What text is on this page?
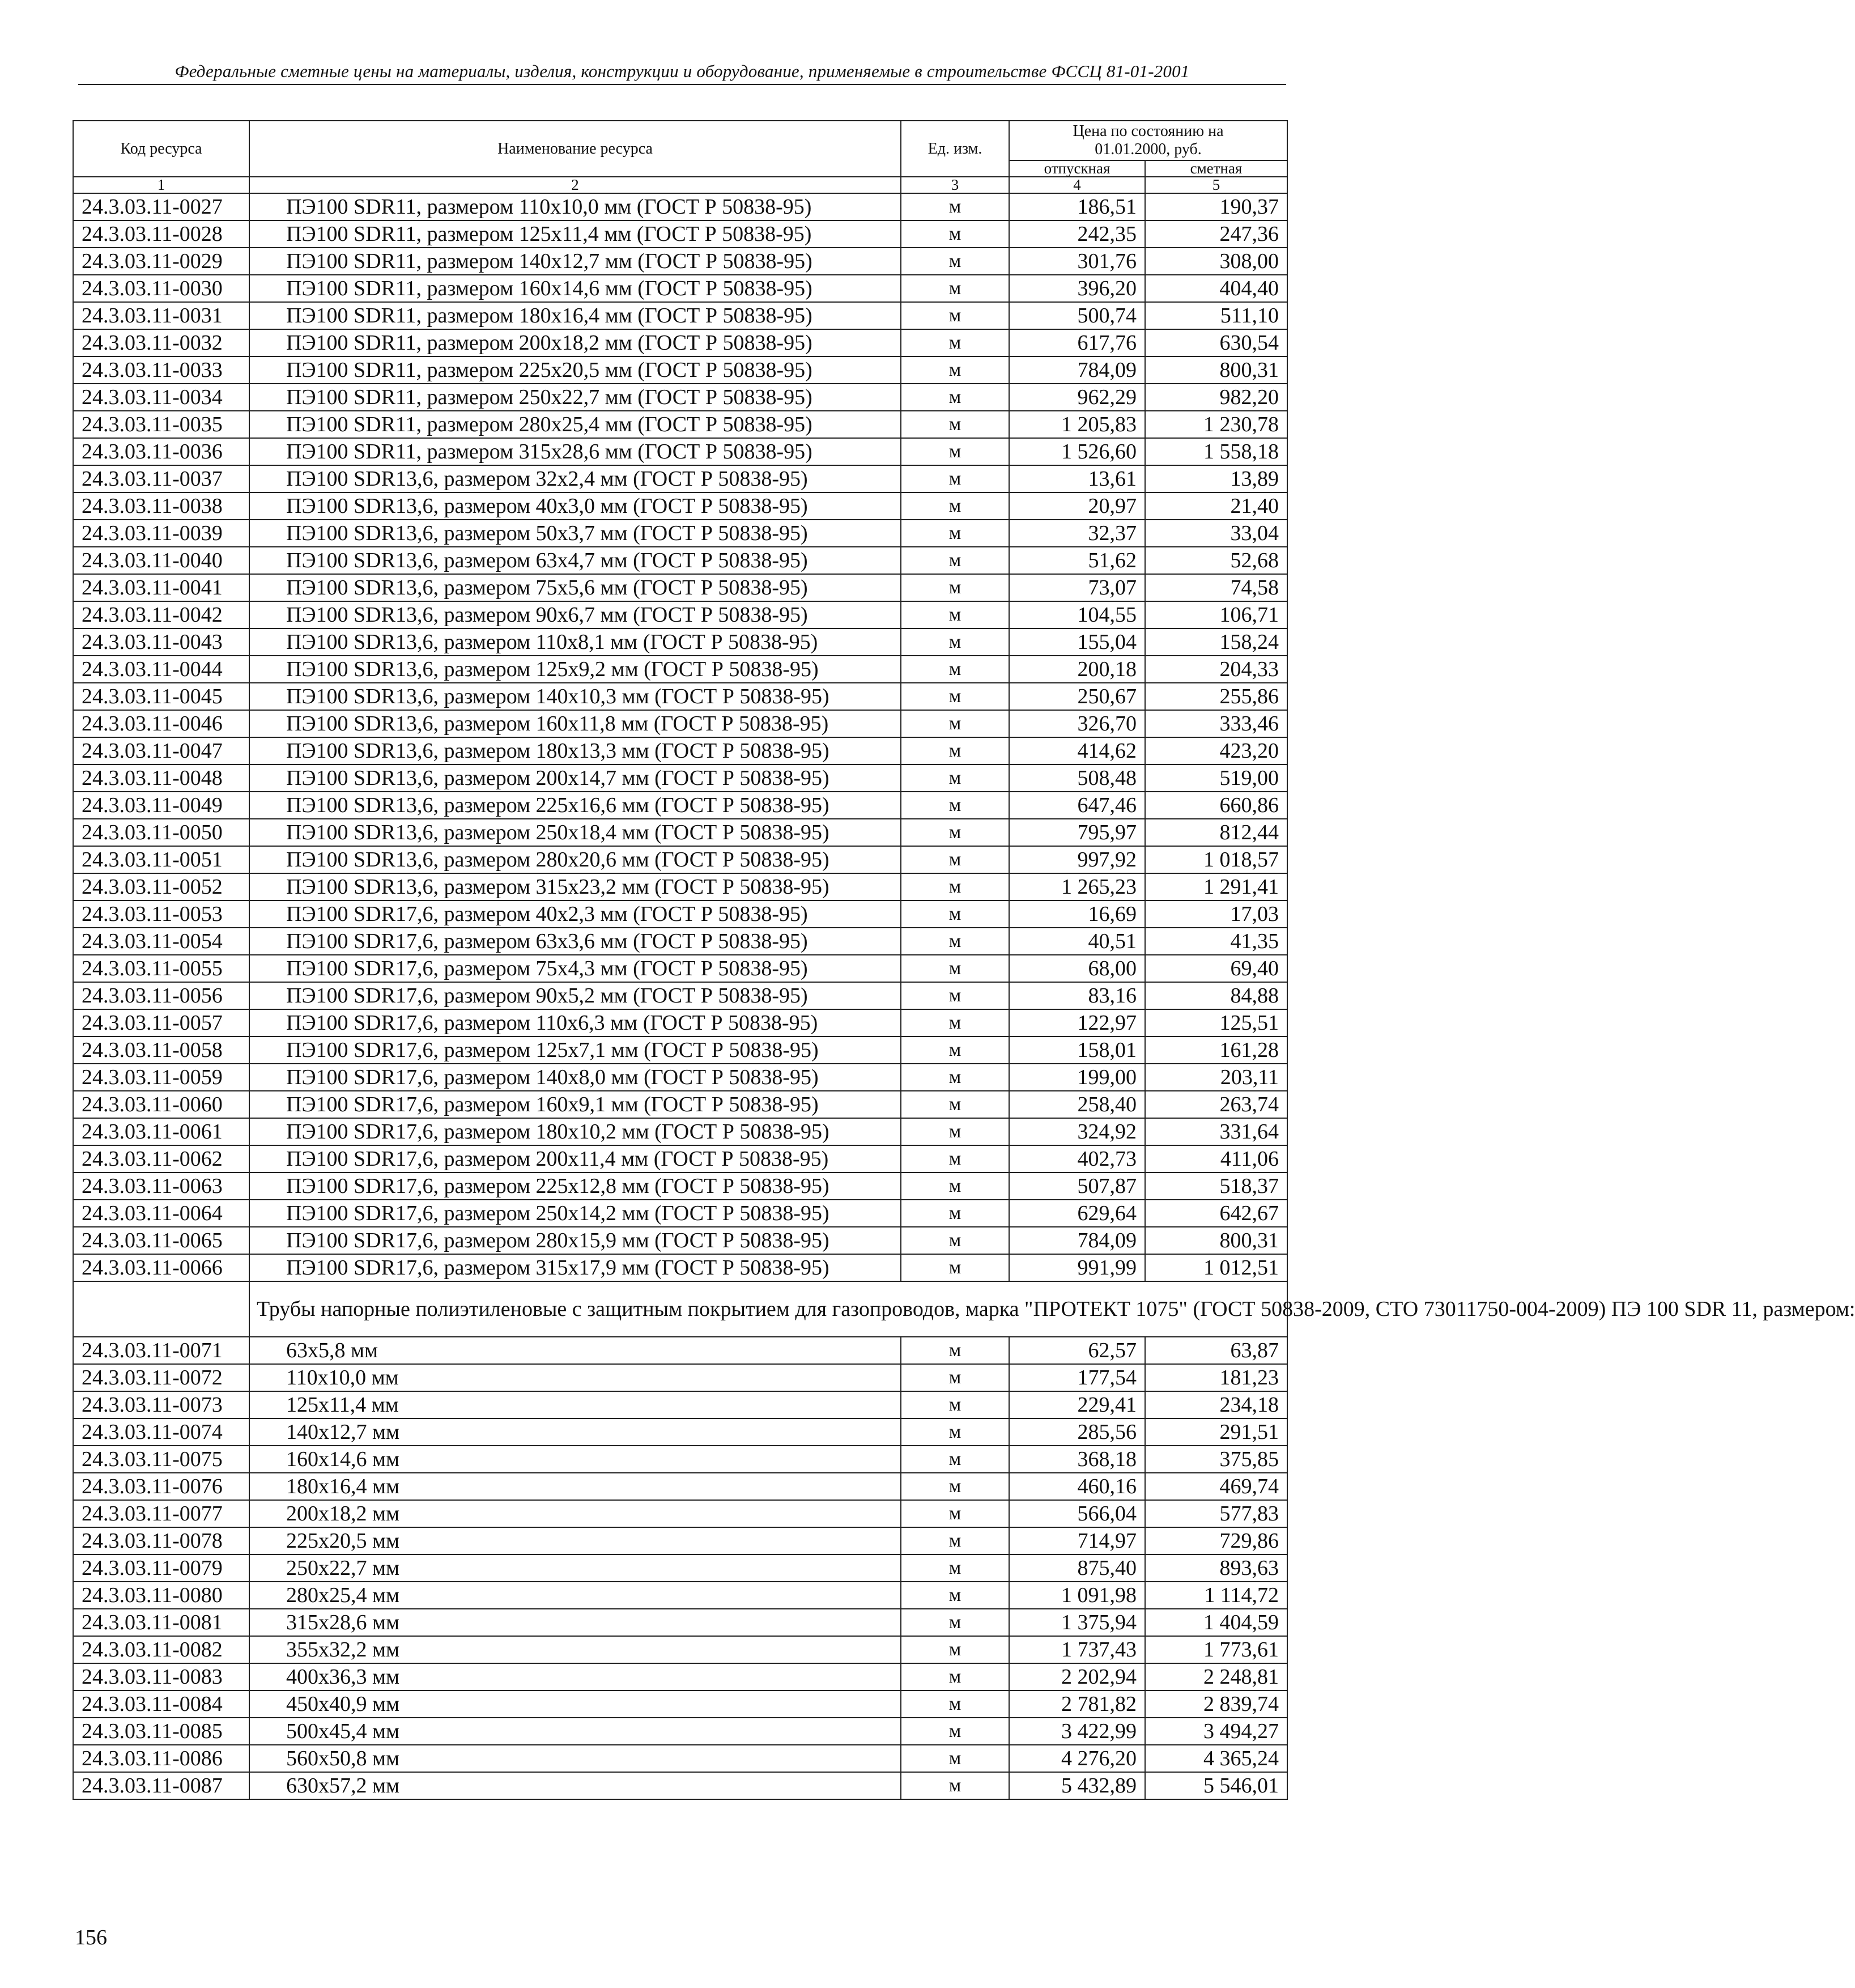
Федеральные сметные цены на материалы, изделия, конструкции и оборудование, применяемые в строительстве ФССЦ 81-01-2001
Код ресурса	Наименование ресурса	Ед. изм.	Цена по состоянию на 01.01.2000, руб.	
			отпускная	сметная
1	2	3	4	5
24.3.03.11-0027	ПЭ100 SDR11, размером 110х10,0 мм (ГОСТ Р 50838-95)	м	186,51	190,37
24.3.03.11-0028	ПЭ100 SDR11, размером 125х11,4 мм (ГОСТ Р 50838-95)	м	242,35	247,36
24.3.03.11-0029	ПЭ100 SDR11, размером 140х12,7 мм (ГОСТ Р 50838-95)	м	301,76	308,00
24.3.03.11-0030	ПЭ100 SDR11, размером 160х14,6 мм (ГОСТ Р 50838-95)	м	396,20	404,40
24.3.03.11-0031	ПЭ100 SDR11, размером 180х16,4 мм (ГОСТ Р 50838-95)	м	500,74	511,10
24.3.03.11-0032	ПЭ100 SDR11, размером 200х18,2 мм (ГОСТ Р 50838-95)	м	617,76	630,54
24.3.03.11-0033	ПЭ100 SDR11, размером 225х20,5 мм (ГОСТ Р 50838-95)	м	784,09	800,31
24.3.03.11-0034	ПЭ100 SDR11, размером 250х22,7 мм (ГОСТ Р 50838-95)	м	962,29	982,20
24.3.03.11-0035	ПЭ100 SDR11, размером 280х25,4 мм (ГОСТ Р 50838-95)	м	1 205,83	1 230,78
24.3.03.11-0036	ПЭ100 SDR11, размером 315х28,6 мм (ГОСТ Р 50838-95)	м	1 526,60	1 558,18
24.3.03.11-0037	ПЭ100 SDR13,6, размером 32х2,4 мм (ГОСТ Р 50838-95)	м	13,61	13,89
24.3.03.11-0038	ПЭ100 SDR13,6, размером 40х3,0 мм (ГОСТ Р 50838-95)	м	20,97	21,40
24.3.03.11-0039	ПЭ100 SDR13,6, размером 50х3,7 мм (ГОСТ Р 50838-95)	м	32,37	33,04
24.3.03.11-0040	ПЭ100 SDR13,6, размером 63х4,7 мм (ГОСТ Р 50838-95)	м	51,62	52,68
24.3.03.11-0041	ПЭ100 SDR13,6, размером 75х5,6 мм (ГОСТ Р 50838-95)	м	73,07	74,58
24.3.03.11-0042	ПЭ100 SDR13,6, размером 90х6,7 мм (ГОСТ Р 50838-95)	м	104,55	106,71
24.3.03.11-0043	ПЭ100 SDR13,6, размером 110х8,1 мм (ГОСТ Р 50838-95)	м	155,04	158,24
24.3.03.11-0044	ПЭ100 SDR13,6, размером 125х9,2 мм (ГОСТ Р 50838-95)	м	200,18	204,33
24.3.03.11-0045	ПЭ100 SDR13,6, размером 140х10,3 мм (ГОСТ Р 50838-95)	м	250,67	255,86
24.3.03.11-0046	ПЭ100 SDR13,6, размером 160х11,8 мм (ГОСТ Р 50838-95)	м	326,70	333,46
24.3.03.11-0047	ПЭ100 SDR13,6, размером 180х13,3 мм (ГОСТ Р 50838-95)	м	414,62	423,20
24.3.03.11-0048	ПЭ100 SDR13,6, размером 200х14,7 мм (ГОСТ Р 50838-95)	м	508,48	519,00
24.3.03.11-0049	ПЭ100 SDR13,6, размером 225х16,6 мм (ГОСТ Р 50838-95)	м	647,46	660,86
24.3.03.11-0050	ПЭ100 SDR13,6, размером 250х18,4 мм (ГОСТ Р 50838-95)	м	795,97	812,44
24.3.03.11-0051	ПЭ100 SDR13,6, размером 280х20,6 мм (ГОСТ Р 50838-95)	м	997,92	1 018,57
24.3.03.11-0052	ПЭ100 SDR13,6, размером 315х23,2 мм (ГОСТ Р 50838-95)	м	1 265,23	1 291,41
24.3.03.11-0053	ПЭ100 SDR17,6, размером 40х2,3 мм (ГОСТ Р 50838-95)	м	16,69	17,03
24.3.03.11-0054	ПЭ100 SDR17,6, размером 63х3,6 мм (ГОСТ Р 50838-95)	м	40,51	41,35
24.3.03.11-0055	ПЭ100 SDR17,6, размером 75х4,3 мм (ГОСТ Р 50838-95)	м	68,00	69,40
24.3.03.11-0056	ПЭ100 SDR17,6, размером 90х5,2 мм (ГОСТ Р 50838-95)	м	83,16	84,88
24.3.03.11-0057	ПЭ100 SDR17,6, размером 110х6,3 мм (ГОСТ Р 50838-95)	м	122,97	125,51
24.3.03.11-0058	ПЭ100 SDR17,6, размером 125х7,1 мм (ГОСТ Р 50838-95)	м	158,01	161,28
24.3.03.11-0059	ПЭ100 SDR17,6, размером 140х8,0 мм (ГОСТ Р 50838-95)	м	199,00	203,11
24.3.03.11-0060	ПЭ100 SDR17,6, размером 160х9,1 мм (ГОСТ Р 50838-95)	м	258,40	263,74
24.3.03.11-0061	ПЭ100 SDR17,6, размером 180х10,2 мм (ГОСТ Р 50838-95)	м	324,92	331,64
24.3.03.11-0062	ПЭ100 SDR17,6, размером 200х11,4 мм (ГОСТ Р 50838-95)	м	402,73	411,06
24.3.03.11-0063	ПЭ100 SDR17,6, размером 225х12,8 мм (ГОСТ Р 50838-95)	м	507,87	518,37
24.3.03.11-0064	ПЭ100 SDR17,6, размером 250х14,2 мм (ГОСТ Р 50838-95)	м	629,64	642,67
24.3.03.11-0065	ПЭ100 SDR17,6, размером 280х15,9 мм (ГОСТ Р 50838-95)	м	784,09	800,31
24.3.03.11-0066	ПЭ100 SDR17,6, размером 315х17,9 мм (ГОСТ Р 50838-95)	м	991,99	1 012,51
	Трубы напорные полиэтиленовые с защитным покрытием для газопроводов, марка "ПРОТЕКТ 1075" (ГОСТ 50838-2009, СТО 73011750-004-2009) ПЭ 100 SDR 11, размером:			
24.3.03.11-0071	63х5,8 мм	м	62,57	63,87
24.3.03.11-0072	110х10,0 мм	м	177,54	181,23
24.3.03.11-0073	125х11,4 мм	м	229,41	234,18
24.3.03.11-0074	140х12,7 мм	м	285,56	291,51
24.3.03.11-0075	160х14,6 мм	м	368,18	375,85
24.3.03.11-0076	180х16,4 мм	м	460,16	469,74
24.3.03.11-0077	200х18,2 мм	м	566,04	577,83
24.3.03.11-0078	225х20,5 мм	м	714,97	729,86
24.3.03.11-0079	250х22,7 мм	м	875,40	893,63
24.3.03.11-0080	280х25,4 мм	м	1 091,98	1 114,72
24.3.03.11-0081	315х28,6 мм	м	1 375,94	1 404,59
24.3.03.11-0082	355х32,2 мм	м	1 737,43	1 773,61
24.3.03.11-0083	400х36,3 мм	м	2 202,94	2 248,81
24.3.03.11-0084	450х40,9 мм	м	2 781,82	2 839,74
24.3.03.11-0085	500х45,4 мм	м	3 422,99	3 494,27
24.3.03.11-0086	560х50,8 мм	м	4 276,20	4 365,24
24.3.03.11-0087	630х57,2 мм	м	5 432,89	5 546,01
156
